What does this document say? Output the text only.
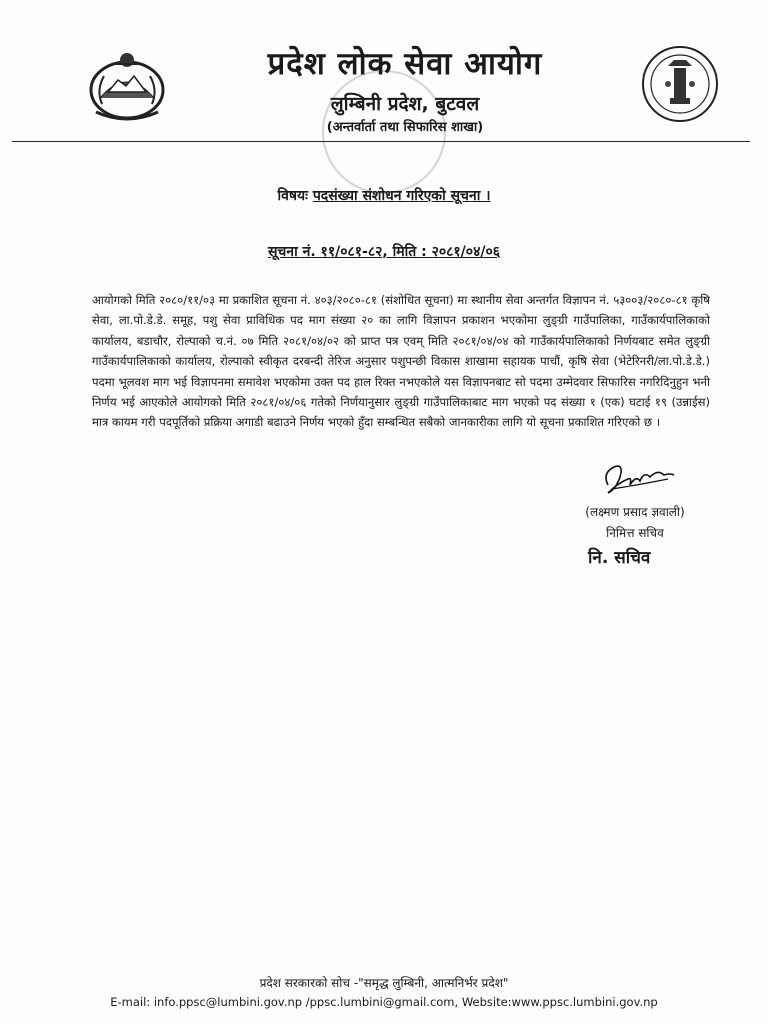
प्रदेश लोक सेवा आयोग
लुम्बिनी प्रदेश, बुटवल
(अन्तर्वार्ता तथा सिफारिस शाखा)
विषयः पदसंख्या संशोधन गरिएको सूचना ।
सूचना नं. ११/०८१-८२, मिति : २०८१/०४/०६
आयोगको मिति २०८०/११/०३ मा प्रकाशित सूचना नं. ४०३/२०८०-८१ (संशोधित सूचना) मा स्थानीय सेवा अन्तर्गत विज्ञापन नं. ५३००३/२०८०-८१ कृषि सेवा, ला.पो.डे.डे. समूह, पशु सेवा प्राविधिक पद माग संख्या २० का लागि विज्ञापन प्रकाशन भएकोमा लुङ्ग्री गाउँपालिका, गाउँकार्यपालिकाको कार्यालय, बडाचौर, रोल्पाको च.नं. ०७ मिति २०८१/०४/०२ को प्राप्त पत्र एवम् मिति २०८१/०४/०४ को गाउँकार्यपालिकाको निर्णयबाट समेत लुङ्ग्री गाउँकार्यपालिकाको कार्यालय, रोल्पाको स्वीकृत दरबन्दी तेरिज अनुसार पशुपन्छी विकास शाखामा सहायक पाचौं, कृषि सेवा (भेटेरिनरी/ला.पो.डे.डे.) पदमा भूलवश माग भई विज्ञापनमा समावेश भएकोमा उक्त पद हाल रिक्त नभएकोले यस विज्ञापनबाट सो पदमा उम्मेदवार सिफारिस नगरिदिनुहुन भनी निर्णय भई आएकोले आयोगको मिति २०८१/०४/०६ गतेको निर्णयानुसार लुङ्ग्री गाउँपालिकाबाट माग भएको पद संख्या १ (एक) घटाई १९ (उन्नाईस) मात्र कायम गरी पदपूर्तिको प्रक्रिया अगाडी बढाउने निर्णय भएको हुँदा सम्बन्धित सबैको जानकारीका लागि यो सूचना प्रकाशित गरिएको छ ।
(लक्ष्मण प्रसाद ज्ञवाली)
निमित्त सचिव
नि. सचिव
प्रदेश सरकारको सोच -"समृद्ध लुम्बिनी, आत्मनिर्भर प्रदेश"
E-mail: info.ppsc@lumbini.gov.np /ppsc.lumbini@gmail.com, Website:www.ppsc.lumbini.gov.np
